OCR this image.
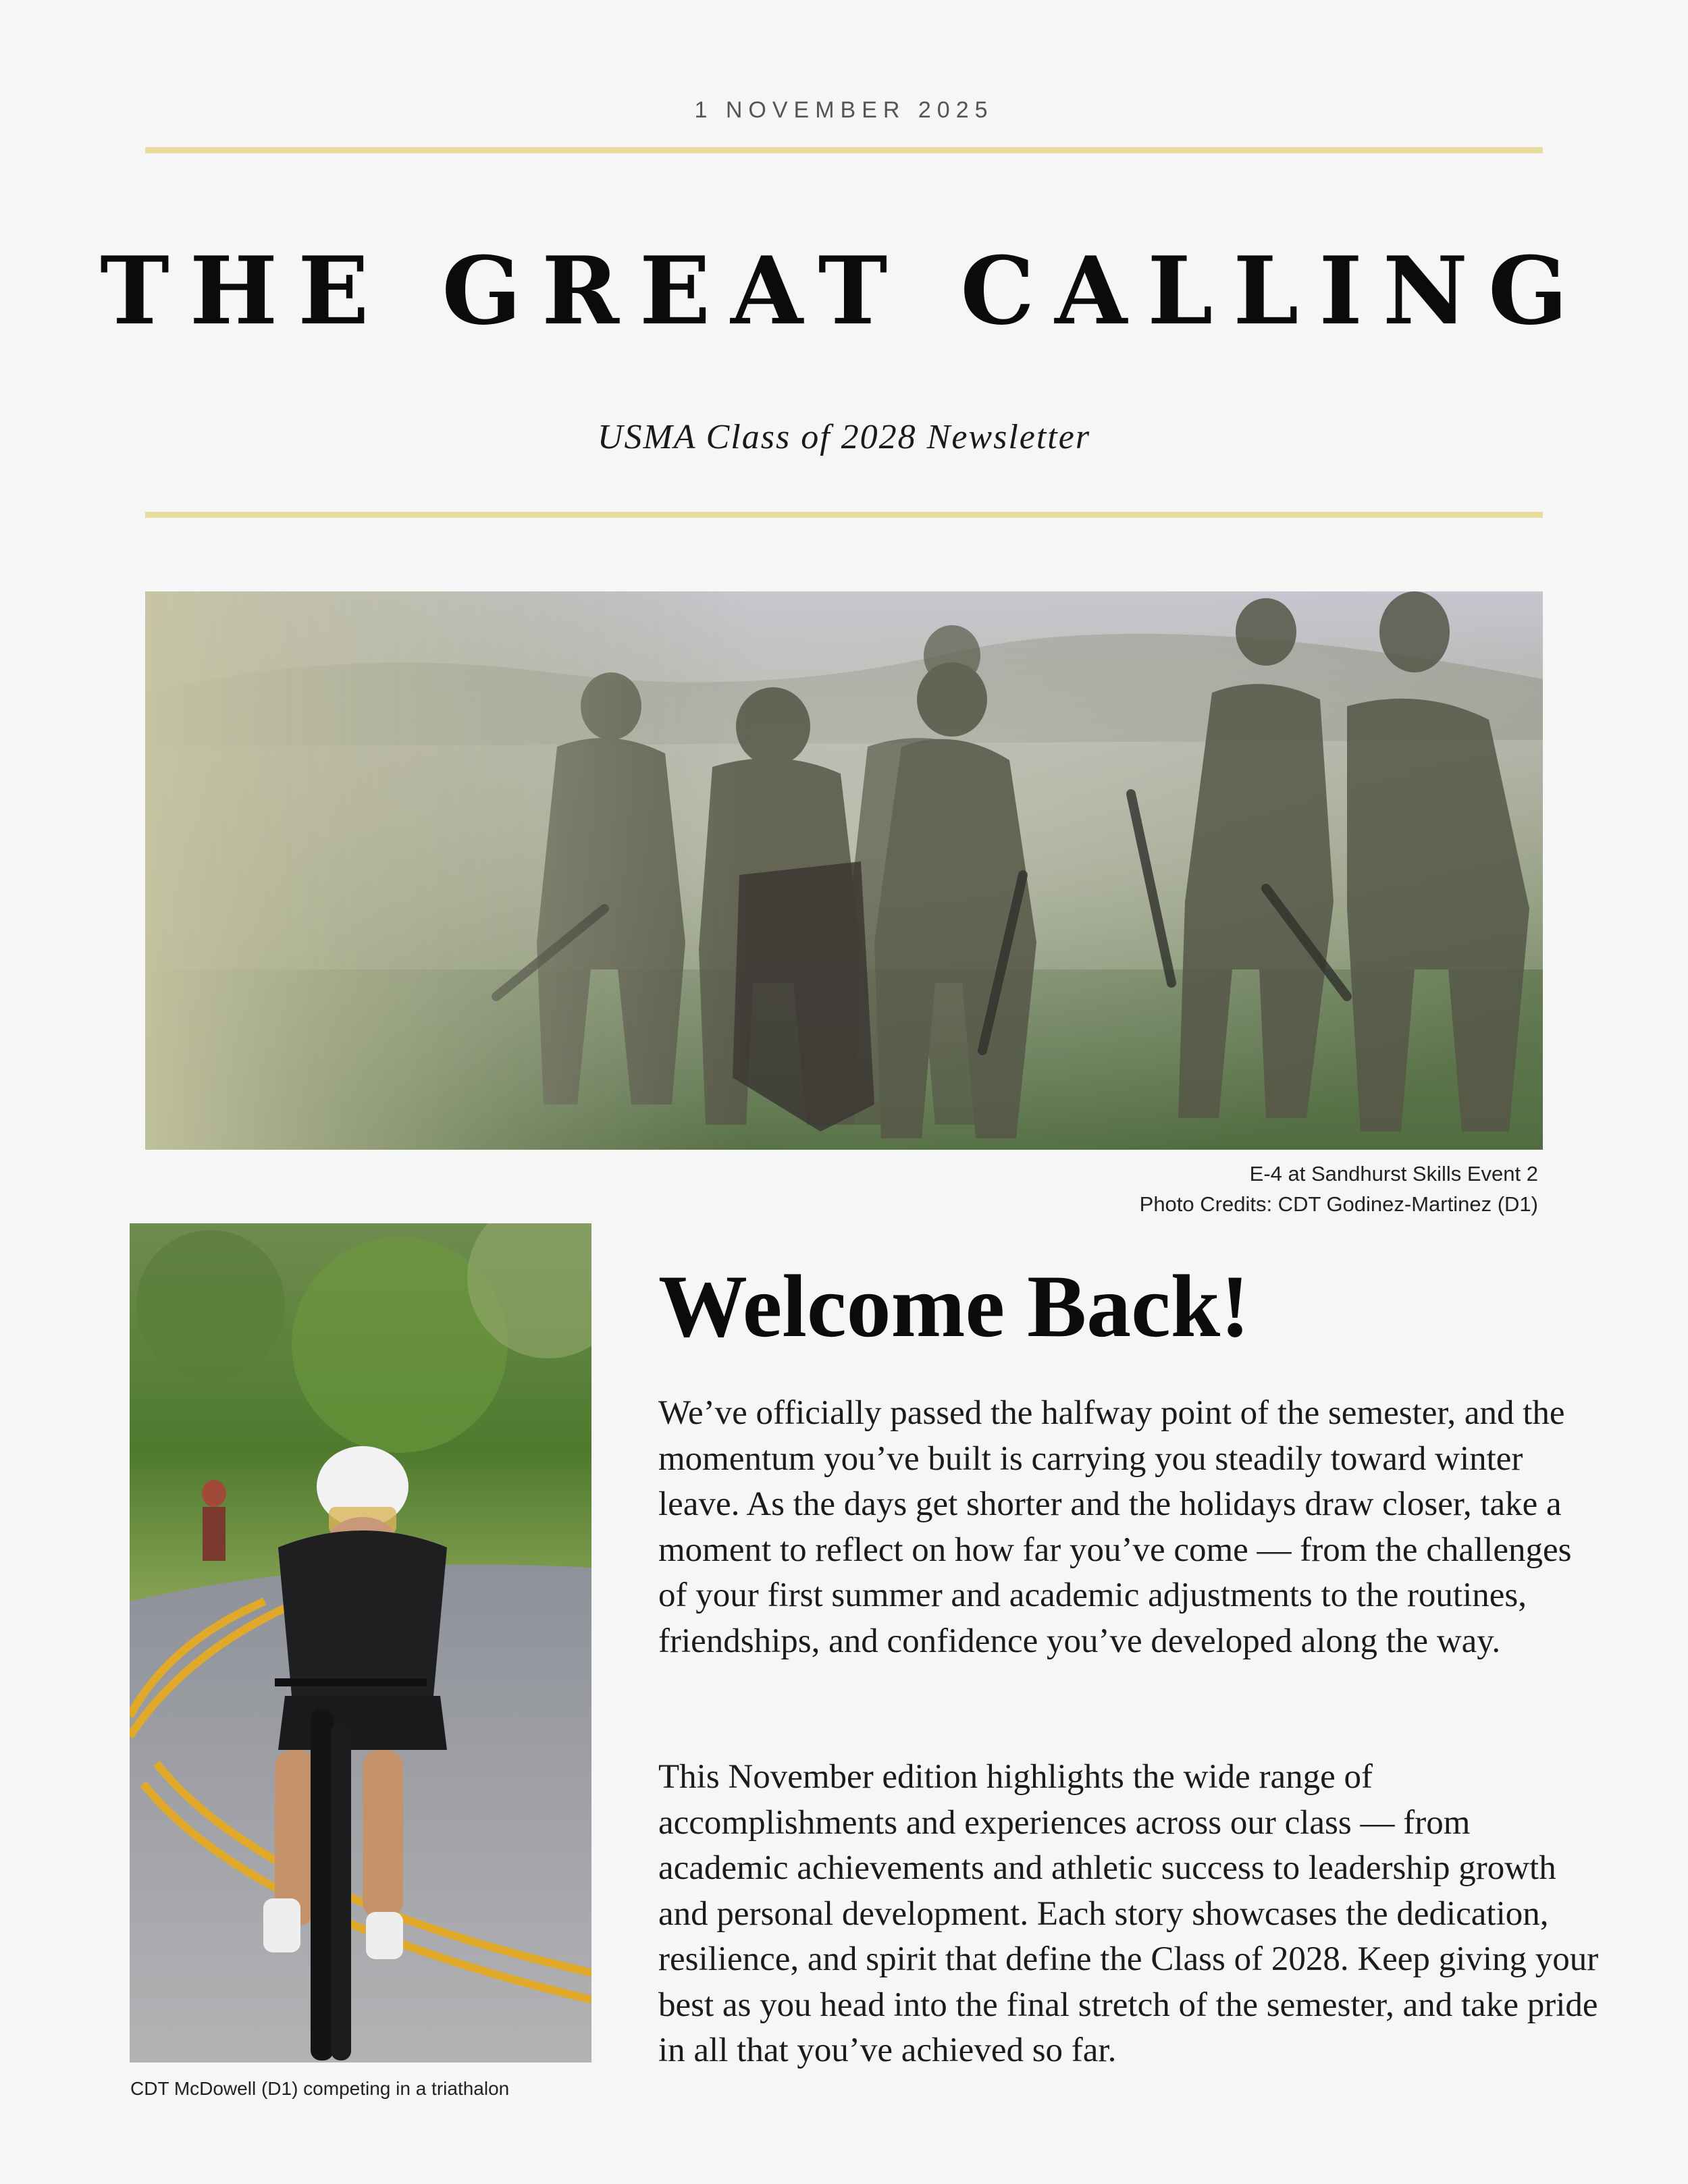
1 NOVEMBER 2025
THE GREAT CALLING
USMA Class of 2028 Newsletter
E-4 at Sandhurst Skills Event 2
Photo Credits: CDT Godinez-Martinez (D1)
CDT McDowell (D1) competing in a triathalon
Welcome Back!

We’ve officially passed the halfway point of the semester, and the momentum you’ve built is carrying you steadily toward winter leave. As the days get shorter and the holidays draw closer, take a moment to reflect on how far you’ve come — from the challenges of your first summer and academic adjustments to the routines, friendships, and confidence you’ve developed along the way.

This November edition highlights the wide range of accomplishments and experiences across our class — from academic achievements and athletic success to leadership growth and personal development. Each story showcases the dedication, resilience, and spirit that define the Class of 2028. Keep giving your best as you head into the final stretch of the semester, and take pride in all that you’ve achieved so far.
